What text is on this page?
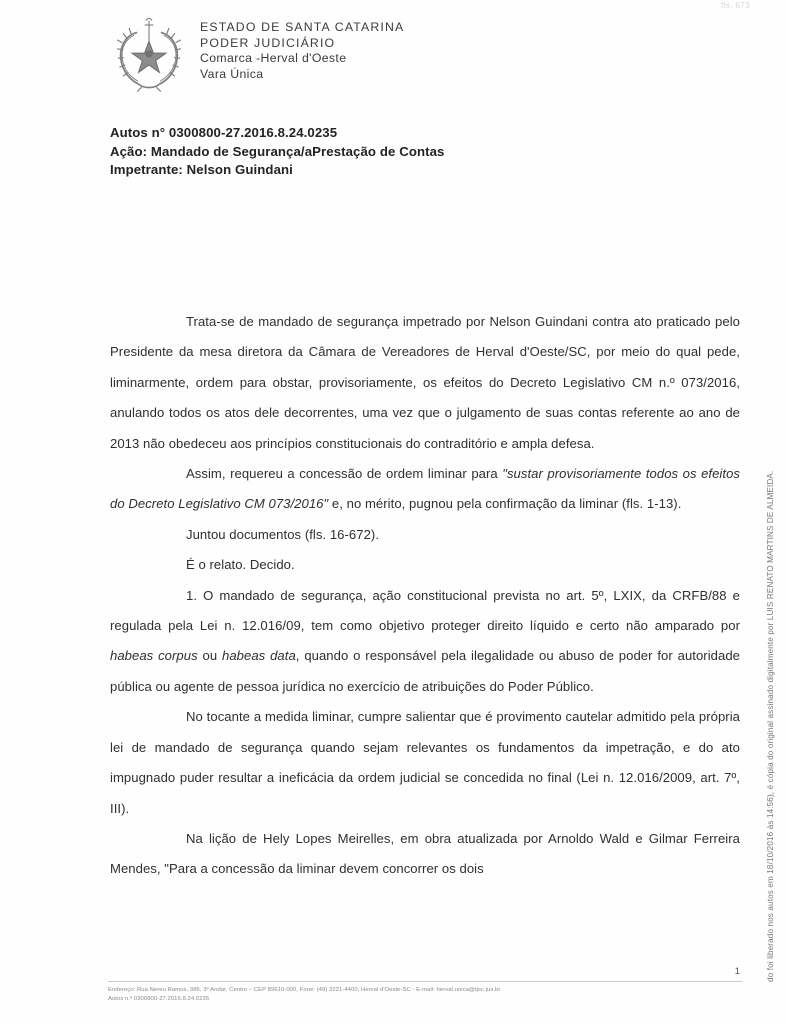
fls. 673
ESTADO DE SANTA CATARINA
PODER JUDICIÁRIO
Comarca -Herval d'Oeste
Vara Única
Autos n° 0300800-27.2016.8.24.0235
Ação: Mandado de Segurança/aPrestação de Contas
Impetrante: Nelson Guindani

Trata-se de mandado de segurança impetrado por Nelson Guindani contra ato praticado pelo Presidente da mesa diretora da Câmara de Vereadores de Herval d'Oeste/SC, por meio do qual pede, liminarmente, ordem para obstar, provisoriamente, os efeitos do Decreto Legislativo CM n.º 073/2016, anulando todos os atos dele decorrentes, uma vez que o julgamento de suas contas referente ao ano de 2013 não obedeceu aos princípios constitucionais do contraditório e ampla defesa.

Assim, requereu a concessão de ordem liminar para "sustar provisoriamente todos os efeitos do Decreto Legislativo CM 073/2016" e, no mérito, pugnou pela confirmação da liminar (fls. 1-13).

Juntou documentos (fls. 16-672).

É o relato. Decido.

1. O mandado de segurança, ação constitucional prevista no art. 5º, LXIX, da CRFB/88 e regulada pela Lei n. 12.016/09, tem como objetivo proteger direito líquido e certo não amparado por habeas corpus ou habeas data, quando o responsável pela ilegalidade ou abuso de poder for autoridade pública ou agente de pessoa jurídica no exercício de atribuições do Poder Público.

No tocante a medida liminar, cumpre salientar que é provimento cautelar admitido pela própria lei de mandado de segurança quando sejam relevantes os fundamentos da impetração, e do ato impugnado puder resultar a ineficácia da ordem judicial se concedida no final (Lei n. 12.016/2009, art. 7º, III).

Na lição de Hely Lopes Meirelles, em obra atualizada por Arnoldo Wald e Gilmar Ferreira Mendes, "Para a concessão da liminar devem concorrer os dois	do foi liberado nos autos em 18/10/2016 às 14:56), é cópia do original assinado digitalmente por LUIS RENATO MARTINS DE ALMEIDA.
1
Endereço: Rua Nereu Ramos, 386, 3º Andar, Centro – CEP 89610-000, Fone: (49) 3221-4400, Herval d'Oeste-SC - E-mail: herval.unica@tjsc.jus.br
Autos n.º 0300800-27.2016.8.24.0235
